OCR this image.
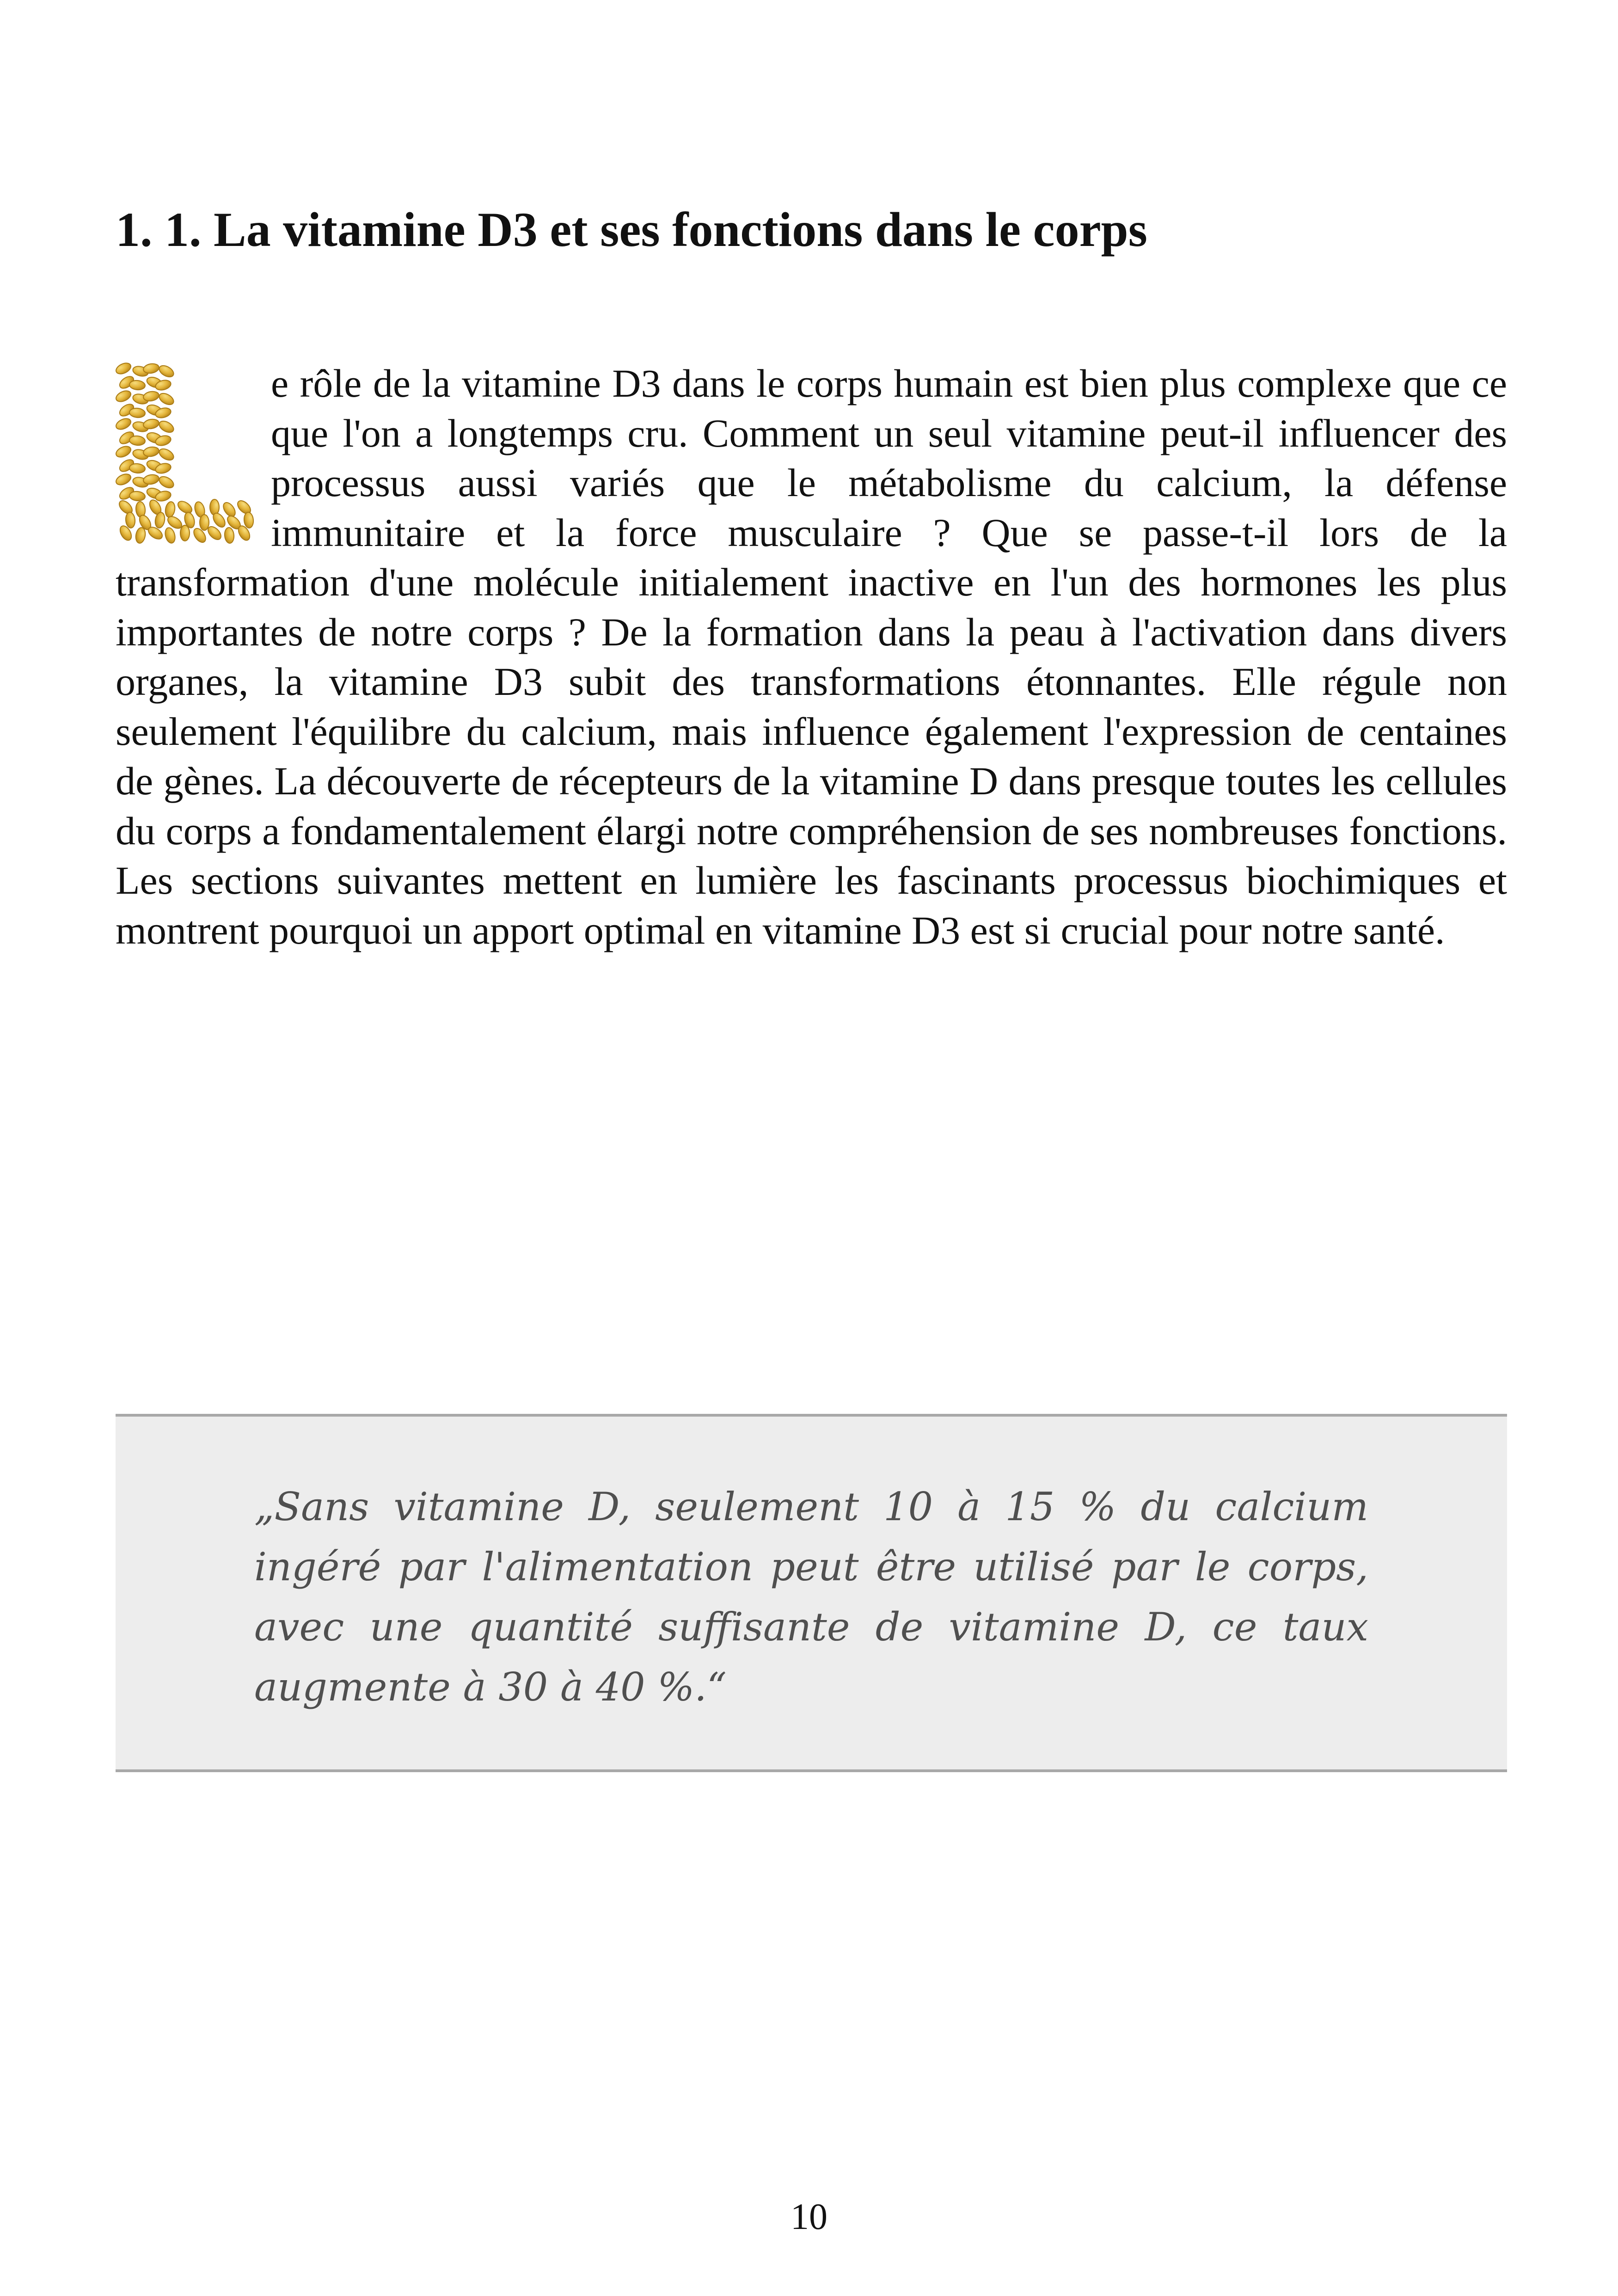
1. 1. La vitamine D3 et ses fonctions dans le corps

e rôle de la vitamine D3 dans le corps humain est bien plus complexe que ce que l'on a longtemps cru. Comment un seul vitamine peut-il influencer des processus aussi variés que le métabolisme du calcium, la défense immunitaire et la force musculaire ? Que se passe-t-il lors de la transformation d'une molécule initialement inactive en l'un des hormones les plus importantes de notre corps ? De la formation dans la peau à l'activation dans divers organes, la vitamine D3 subit des transformations étonnantes. Elle régule non seulement l'équilibre du calcium, mais influence également l'expression de centaines de gènes. La découverte de récepteurs de la vitamine D dans presque toutes les cellules du corps a fondamentalement élargi notre compréhension de ses nombreuses fonctions. Les sections suivantes mettent en lumière les fascinants processus biochimiques et montrent pourquoi un apport optimal en vitamine D3 est si crucial pour notre santé.

„Sans vitamine D, seulement 10 à 15 % du calcium ingéré par l'alimentation peut être utilisé par le corps, avec une quantité suffisante de vitamine D, ce taux augmente à 30 à 40 %.“

10
